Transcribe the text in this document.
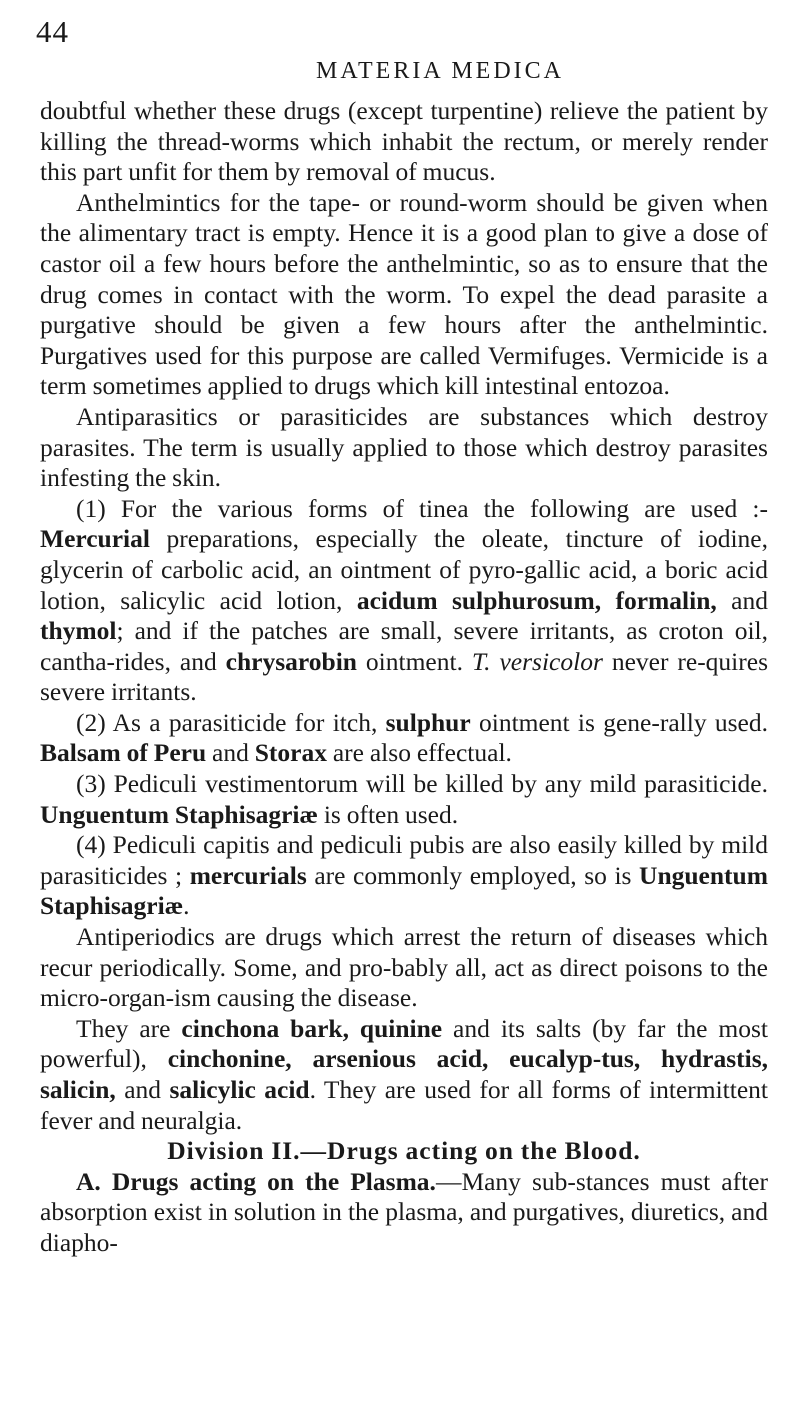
44
MATERIA MEDICA

doubtful whether these drugs (except turpentine) relieve the patient by killing the thread-worms which inhabit the rectum, or merely render this part unfit for them by removal of mucus.

Anthelmintics for the tape- or round-worm should be given when the alimentary tract is empty. Hence it is a good plan to give a dose of castor oil a few hours before the anthelmintic, so as to ensure that the drug comes in contact with the worm. To expel the dead parasite a purgative should be given a few hours after the anthelmintic. Purgatives used for this purpose are called Vermifuges. Vermicide is a term sometimes applied to drugs which kill intestinal entozoa.

Antiparasitics or parasiticides are substances which destroy parasites. The term is usually applied to those which destroy parasites infesting the skin.

(1) For the various forms of tinea the following are used :- Mercurial preparations, especially the oleate, tincture of iodine, glycerin of carbolic acid, an ointment of pyro-gallic acid, a boric acid lotion, salicylic acid lotion, acidum sulphurosum, formalin, and thymol; and if the patches are small, severe irritants, as croton oil, cantha-rides, and chrysarobin ointment. T. versicolor never re-quires severe irritants.

(2) As a parasiticide for itch, sulphur ointment is gene-rally used. Balsam of Peru and Storax are also effectual.

(3) Pediculi vestimentorum will be killed by any mild parasiticide. Unguentum Staphisagriæ is often used.

(4) Pediculi capitis and pediculi pubis are also easily killed by mild parasiticides ; mercurials are commonly employed, so is Unguentum Staphisagriæ.

Antiperiodics are drugs which arrest the return of diseases which recur periodically. Some, and pro-bably all, act as direct poisons to the micro-organ-ism causing the disease.

They are cinchona bark, quinine and its salts (by far the most powerful), cinchonine, arsenious acid, eucalyp-tus, hydrastis, salicin, and salicylic acid. They are used for all forms of intermittent fever and neuralgia.

Division II.—Drugs acting on the Blood.

A. Drugs acting on the Plasma.—Many sub-stances must after absorption exist in solution in the plasma, and purgatives, diuretics, and diapho-
